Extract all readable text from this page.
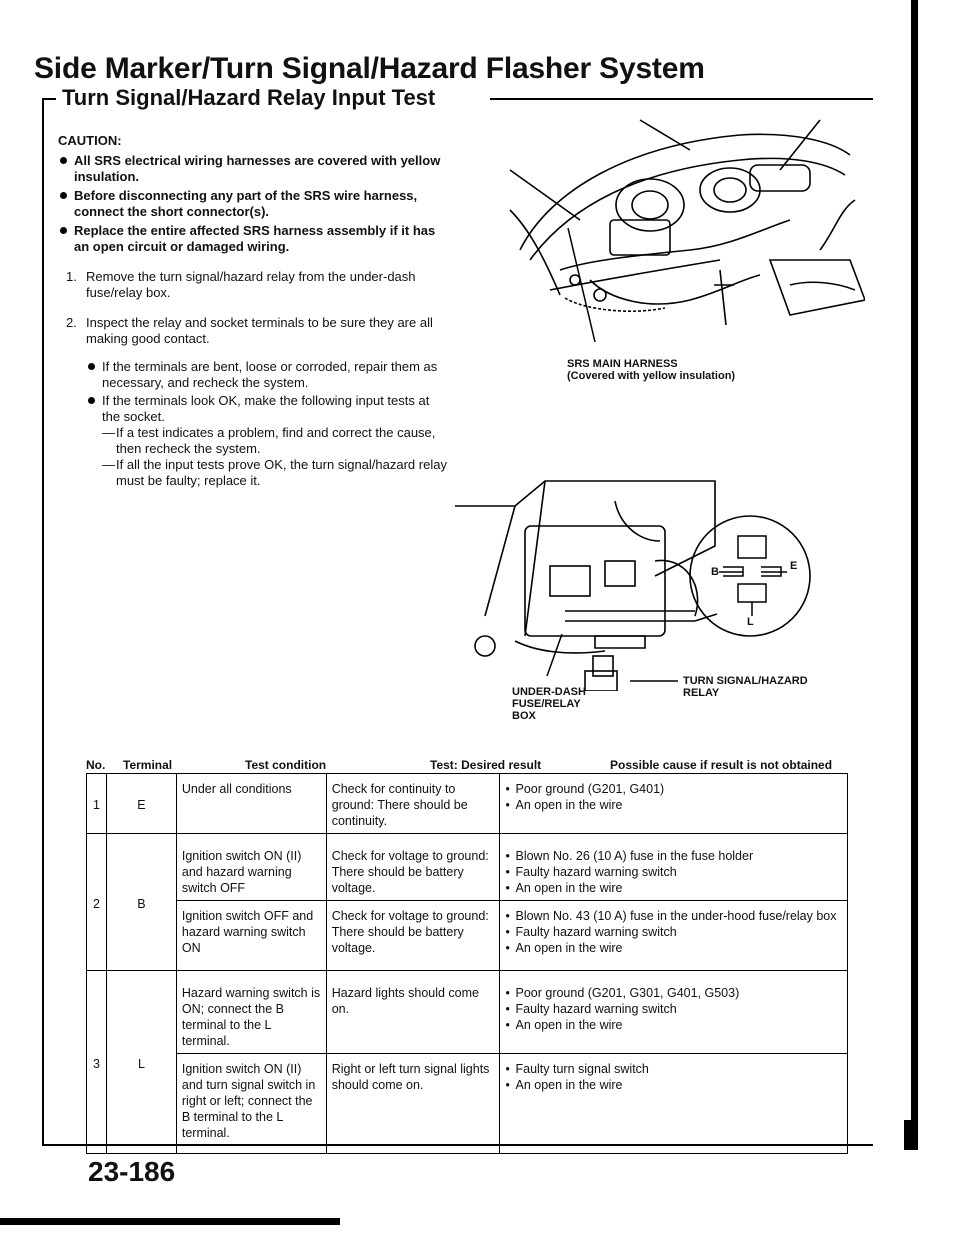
Side Marker/Turn Signal/Hazard Flasher System
Turn Signal/Hazard Relay Input Test
CAUTION:
All SRS electrical wiring harnesses are covered with yellow insulation.
Before disconnecting any part of the SRS wire harness, connect the short connector(s).
Replace the entire affected SRS harness assembly if it has an open circuit or damaged wiring.
1. Remove the turn signal/hazard relay from the under-dash fuse/relay box.
2. Inspect the relay and socket terminals to be sure they are all making good contact.
If the terminals are bent, loose or corroded, repair them as necessary, and recheck the system.
If the terminals look OK, make the following input tests at the socket.
— If a test indicates a problem, find and correct the cause, then recheck the system.
— If all the input tests prove OK, the turn signal/hazard relay must be faulty; replace it.
SRS MAIN HARNESS
(Covered with yellow insulation)
B	E
L
UNDER-DASH
FUSE/RELAY
BOX
TURN SIGNAL/HAZARD
RELAY
No. Terminal	Test condition	Test: Desired result	Possible cause if result is not obtained
1	E	Under all conditions	Check for continuity to ground: There should be continuity.	• Poor ground (G201, G401)
• An open in the wire

2	B	Ignition switch ON (II) and hazard warning switch OFF	Check for voltage to ground: There should be battery voltage.	• Blown No. 26 (10 A) fuse in the fuse holder
• Faulty hazard warning switch
• An open in the wire

		Ignition switch OFF and hazard warning switch ON	Check for voltage to ground: There should be battery voltage.	• Blown No. 43 (10 A) fuse in the under-hood fuse/relay box
• Faulty hazard warning switch
• An open in the wire

3	L	Hazard warning switch is ON; connect the B terminal to the L terminal.	Hazard lights should come on.	• Poor ground (G201, G301, G401, G503)
• Faulty hazard warning switch
• An open in the wire

		Ignition switch ON (II) and turn signal switch in right or left; connect the B terminal to the L terminal.	Right or left turn signal lights should come on.	• Faulty turn signal switch
• An open in the wire
23-186
